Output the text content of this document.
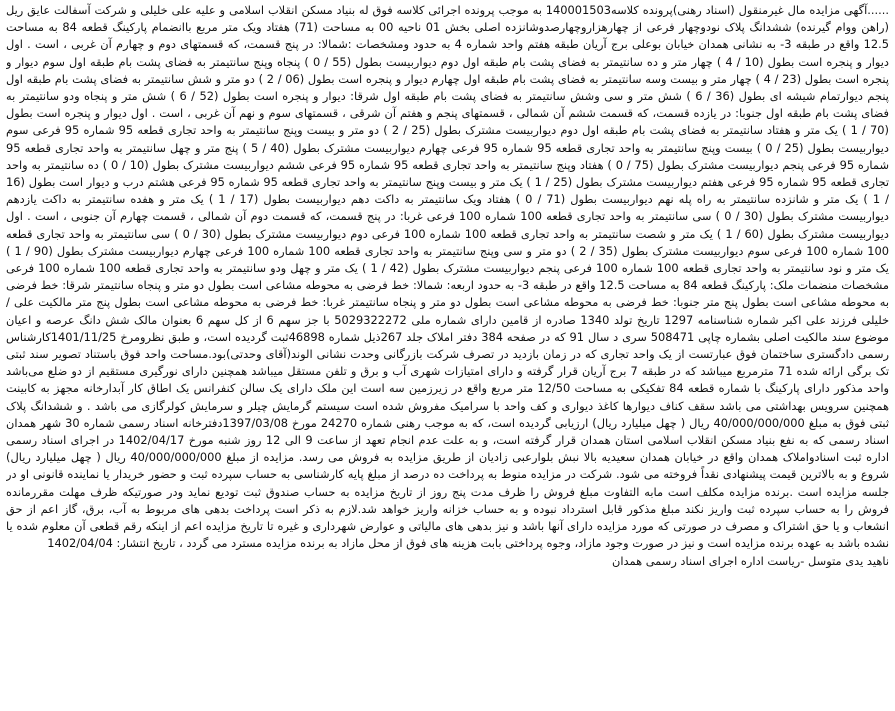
......آگهی مزایده مال غیرمنقول (اسناد رهنی)پرونده کلاسه140001503 به موجب پرونده اجرائی کلاسه فوق له بنیاد مسکن انقلاب اسلامی و علیه علی خلیلی و شرکت آسفالت عایق ریل (راهن ووام گیرنده) ششدانگ پلاک نودوچهار فرعی از چهارهزاروچهارصدوشانزده اصلی بخش 01 ناحیه 00 به مساحت (71) هفتاد ویک متر مربع باانضمام پارکینگ قطعه 84 به مساحت 12.5 واقع در طبقه 3- به نشانی همدان خیابان بوعلی برج آریان طبقه هفتم واحد شماره 4 به حدود ومشخصات :شمالا: در پنج قسمت، که قسمتهای دوم و چهارم آن غربی ، است . اول دیوار و پنجره است بطول (10 / 4 ) چهار متر و ده سانتیمتر به فضای پشت بام طبقه اول دوم دیواربیست بطول (55 / 0 ) پنجاه وپنج سانتیمتر به فضای پشت بام طبقه اول سوم دیوار و پنجره است بطول (23 / 4 ) چهار متر و بیست وسه سانتیمتر به فضای پشت بام طبقه اول چهارم دیوار و پنجره است بطول (06 / 2 ) دو متر و شش سانتیمتر به فضای پشت بام طبقه اول پنجم دیوارتمام شیشه ای بطول (36 / 6 ) شش متر و سی وشش سانتیمتر به فضای پشت بام طبقه اول شرقا: دیوار و پنجره است بطول (52 / 6 ) شش متر و پنجاه ودو سانتیمتر به فضای پشت بام طبقه اول جنوبا: در یازده قسمت، که قسمت ششم آن شمالی ، قسمتهای پنجم و هفتم آن شرقی ، قسمتهای سوم و نهم آن غربی ، است . اول دیوار و پنجره است بطول (70 / 1 ) یک متر و هفتاد سانتیمتر به فضای پشت بام طبقه اول دوم دیواربیست مشترک بطول (25 / 2 ) دو متر و بیست وپنج سانتیمتر به واحد تجاری قطعه 95 شماره 95 فرعی سوم دیواربیست بطول (25 / 0 ) بیست وپنج سانتیمتر به واحد تجاری قطعه 95 شماره 95 فرعی چهارم دیواربیست مشترک بطول (40 / 5 ) پنج متر و چهل سانتیمتر به واحد تجاری قطعه 95 شماره 95 فرعی پنجم دیواربیست مشترک بطول (75 / 0 ) هفتاد وپنج سانتیمتر به واحد تجاری قطعه 95 شماره 95 فرعی ششم دیواربیست مشترک بطول (10 / 0 ) ده سانتیمتر به واحد تجاری قطعه 95 شماره 95 فرعی هفتم دیواربیست مشترک بطول (25 / 1 ) یک متر و بیست وپنج سانتیمتر به واحد تجاری قطعه 95 شماره 95 فرعی هشتم درب و دیوار است بطول (16 / 1 ) یک متر و شانزده سانتیمتر به راه پله نهم دیواربیست بطول (71 / 0 ) هفتاد ویک سانتیمتر به داکت دهم دیواربیست بطول (17 / 1 ) یک متر و هفده سانتیمتر به داکت یازدهم دیواربیست مشترک بطول (30 / 0 ) سی سانتیمتر به واحد تجاری قطعه 100 شماره 100 فرعی غربا: در پنج قسمت، که قسمت دوم آن شمالی ، قسمت چهارم آن جنوبی ، است . اول دیواربیست مشترک بطول (60 / 1 ) یک متر و شصت سانتیمتر به واحد تجاری قطعه 100 شماره 100 فرعی دوم دیواربیست مشترک بطول (30 / 0 ) سی سانتیمتر به واحد تجاری قطعه 100 شماره 100 فرعی سوم دیواربیست مشترک بطول (35 / 2 ) دو متر و سی وپنج سانتیمتر به واحد تجاری قطعه 100 شماره 100 فرعی چهارم دیواربیست مشترک بطول (90 / 1 ) یک متر و نود سانتیمتر به واحد تجاری قطعه 100 شماره 100 فرعی پنجم دیواربیست مشترک بطول (42 / 1 ) یک متر و چهل ودو سانتیمتر به واحد تجاری قطعه 100 شماره 100 فرعی مشخصات منضمات ملک: پارکینگ قطعه 84 به مساحت 12.5 واقع در طبقه 3- به حدود اربعه: شمالا: خط فرضی به محوطه مشاعی است بطول دو متر و پنجاه سانتیمتر شرقا: خط فرضی به محوطه مشاعی است بطول پنج متر جنوبا: خط فرضی به محوطه مشاعی است بطول دو متر و پنجاه سانتیمتر غربا: خط فرضی به محوطه مشاعی است بطول پنج متر مالکیت علی / خلیلی فرزند علی اکبر شماره شناسنامه 1297 تاریخ تولد 1340 صادره از قامین دارای شماره ملی 5029322272 با جز سهم 6 از کل سهم 6 بعنوان مالک شش دانگ عرصه و اعیان موضوع سند مالکیت اصلی بشماره چاپی 508471 سری د سال 91 که در صفحه 384 دفتر املاک جلد 267ذیل شماره 46898ثبت گردیده است، و طبق نظرومرخ 1401/11/25کارشناس رسمی دادگستری ساختمان فوق عبارتست از یک واحد تجاری که در زمان بازدید در تصرف شرکت بازرگانی وحدت نشانی الوند(آقای وحدتی)بود.مساحت واحد فوق باستناد تصویر سند ثبتی تک برگی ارائه شده 71 مترمربع میباشد که در طبقه 7 برج آریان قرار گرفته و دارای امتیازات شهری آب و برق و تلفن مستقل میباشد همچنین دارای نورگیری مستقیم از دو ضلع می‌باشد واحد مذکور دارای پارکینگ با شماره قطعه 84 تفکیکی به مساحت 12/50 متر مربع واقع در زیرزمین سه است این ملک دارای یک سالن کنفرانس یک اطاق کار آبدارخانه مجهز به کابینت همچنین سرویس بهداشتی می باشد سقف کناف دیوارها کاغذ دیواری و کف واحد با سرامیک مفروش شده است سیستم گرمایش چیلر و سرمایش کولرگازی می باشد . و ششدانگ پلاک ثبتی فوق به مبلغ 40/000/000/000 ریال ( چهل میلیارد ریال) ارزیابی گردیده است، که به موجب رهنی شماره 24270 مورخ 1397/03/08دفترخانه اسناد رسمی شماره 30 شهر همدان اسناد رسمی که به نفع بنیاد مسکن انقلاب اسلامی استان همدان قرار گرفته است، و به علت عدم انجام تعهد از ساعت 9 الی 12 روز شنبه مورخ 1402/04/17 در اجرای اسناد رسمی اداره ثبت اسنادواملاک همدان واقع در خیابان همدان سعیدیه بالا نبش بلوارعبی زادیان از طریق مزایده به فروش می رسد. مزایده از مبلغ 40/000/000/000 ریال ( چهل میلیارد ریال) شروع و به بالاترین قیمت پیشنهادی نقداً فروخته می شود. شرکت در مزایده منوط به پرداخت ده درصد از مبلغ پایه کارشناسی به حساب سپرده ثبت و حضور خریدار یا نماینده قانونی او در جلسه مزایده است .برنده مزایده مکلف است مابه التفاوت مبلغ فروش را ظرف مدت پنج روز از تاریخ مزایده به حساب صندوق ثبت تودیع نماید ودر صورتیکه ظرف مهلت مقررمانده فروش را به حساب سپرده ثبت واریز نکند مبلغ مذکور قابل استرداد نبوده و به حساب خزانه واریز خواهد شد.لازم به ذکر است پرداخت بدهی های مربوط به آب، برق، گاز اعم از حق انشعاب و یا حق اشتراک و مصرف در صورتی که مورد مزایده دارای آنها باشد و نیز بدهی های مالیاتی و عوارض شهرداری و غیره تا تاریخ مزایده اعم از اینکه رقم قطعی آن معلوم شده یا نشده باشد به عهده برنده مزایده است و نیز در صورت وجود مازاد، وجوه پرداختی بابت هزینه های فوق از محل مازاد به برنده مزایده مسترد می گردد ، تاریخ انتشار: 1402/04/04

ناهید یدی متوسل -ریاست اداره اجرای اسناد رسمی همدان
